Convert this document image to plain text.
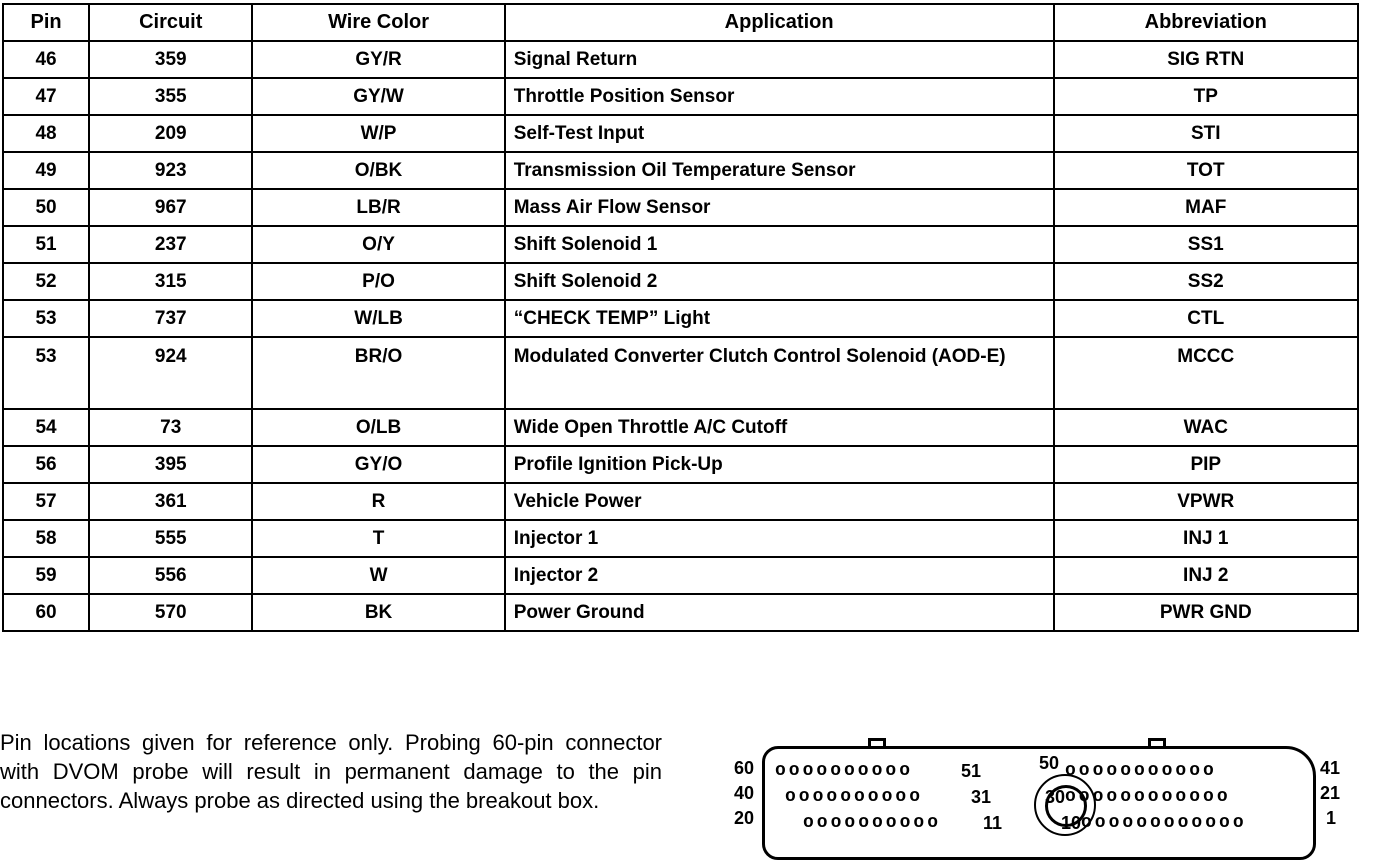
Pin	Circuit	Wire Color	Application	Abbreviation
46	359	GY/R	Signal Return	SIG RTN
47	355	GY/W	Throttle Position Sensor	TP
48	209	W/P	Self-Test Input	STI
49	923	O/BK	Transmission Oil Temperature Sensor	TOT
50	967	LB/R	Mass Air Flow Sensor	MAF
51	237	O/Y	Shift Solenoid 1	SS1
52	315	P/O	Shift Solenoid 2	SS2
53	737	W/LB	“CHECK TEMP” Light	CTL
53	924	BR/O	Modulated Converter Clutch Control Solenoid (AOD-E)	MCCC
54	73	O/LB	Wide Open Throttle A/C Cutoff	WAC
56	395	GY/O	Profile Ignition Pick-Up	PIP
57	361	R	Vehicle Power	VPWR
58	555	T	Injector 1	INJ 1
59	556	W	Injector 2	INJ 2
60	570	BK	Power Ground	PWR GND
Pin locations given for reference only. Probing 60-pin connector with DVOM probe will result in permanent damage to the pin connectors. Always probe as directed using the breakout box.
oooooooooo
oooooooooo
oooooooooo
ooooooooooo
oooooooooooo
oooooooooooo
51
31
11
50
30
10
60
40
20
41
21
1
